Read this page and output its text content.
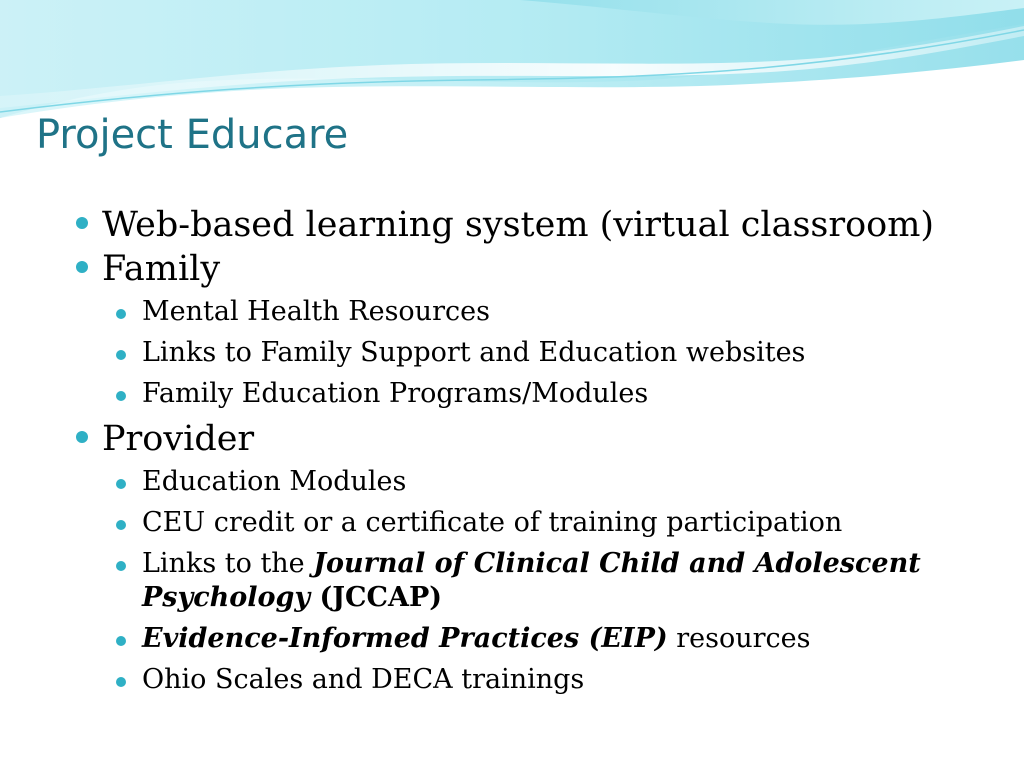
Project Educare
Web-based learning system (virtual classroom)
Family
Mental Health Resources
Links to Family Support and Education websites
Family Education Programs/Modules
Provider
Education Modules
CEU credit or a certificate of training participation
Links to the Journal of Clinical Child and Adolescent Psychology (JCCAP)
Evidence-Informed Practices (EIP) resources
Ohio Scales and DECA trainings
